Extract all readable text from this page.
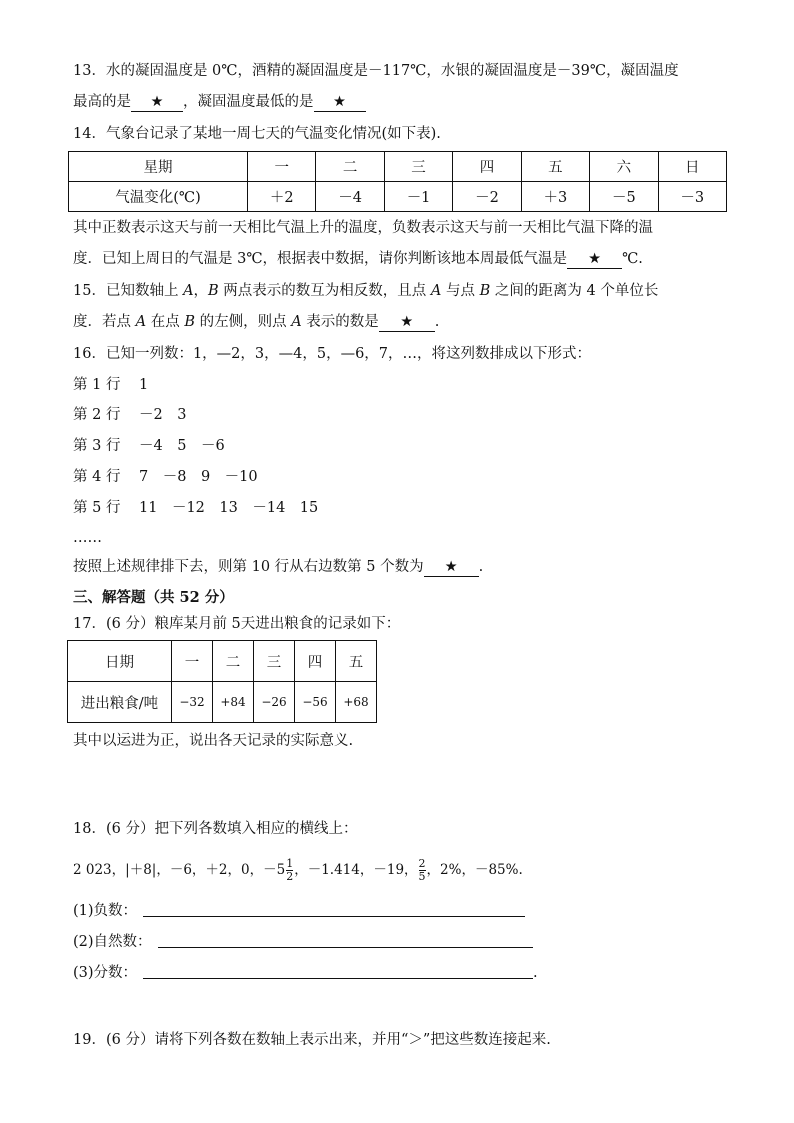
13．水的凝固温度是 0℃，酒精的凝固温度是－117℃，水银的凝固温度是－39℃，凝固温度
最高的是 ★ ，凝固温度最低的是 ★
14．气象台记录了某地一周七天的气温变化情况(如下表).
星期	一	二	三	四	五	六	日
气温变化(℃)	＋2	－4	－1	－2	＋3	－5	－3
其中正数表示这天与前一天相比气温上升的温度，负数表示这天与前一天相比气温下降的温
度．已知上周日的气温是 3℃，根据表中数据，请你判断该地本周最低气温是 ★ ℃.
15．已知数轴上 A，B 两点表示的数互为相反数，且点 A 与点 B 之间的距离为 4 个单位长
度．若点 A 在点 B 的左侧，则点 A 表示的数是 ★ .
16．已知一列数：1，—2，3，—4，5，—6，7，…，将这列数排成以下形式：
第 1 行 1
第 2 行 －2　3
第 3 行 －4　5　－6
第 4 行 7　－8　9　－10
第 5 行 11　－12　13　－14　15
……
按照上述规律排下去，则第 10 行从右边数第 5 个数为 ★ .
三、解答题（共 52 分）
17．(6 分）粮库某月前 5天进出粮食的记录如下：
日期	一	二	三	四	五
进出粮食/吨	−32	+84	−26	−56	+68
其中以运进为正，说出各天记录的实际意义.
18．(6 分）把下列各数填入相应的横线上：
2 023，|＋8|，－6，＋2，0，$-5 \frac{1}{2}$ ，－1.414，－19， $\frac{2}{5}$ ，2%，－85%.
(1)负数：
(2)自然数：
(3)分数：	.
19．(6 分）请将下列各数在数轴上表示出来，并用“＞”把这些数连接起来.
